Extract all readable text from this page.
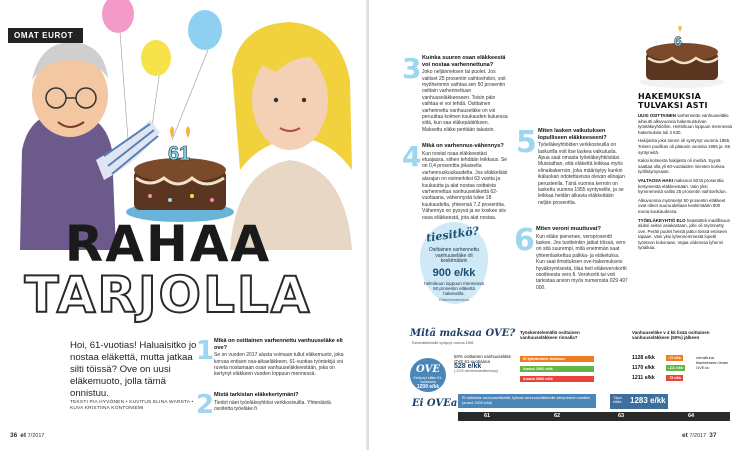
61
OMAT EUROT
RAHAA
TARJOLLA
Hoi, 61-vuotias! Haluaisitko jo nostaa eläkettä, mutta jatkaa silti töissä? Ove on uusi eläkemuoto, jolla tämä onnistuu.
TEKSTI PIA HYVÖNEN • KUVITUS ELINA WARSTA •
KUVA KRISTIINA KONTONIEMI
1 Mikä on osittainen varhennettu vanhuuseläke eli ove?
Se on vuoden 2017 alusta voimaan tullut eläkemuoto, joka korvaa entisen osa-aikaeläkkeen. 61-vuotias työntekijä voi ruveta nostamaan osan vanhuuseläkkeestään, joka on kertynyt eläkkeen vuoden loppuun mennessä.
2 Mistä tarkistan eläkekertymäni?
Tiedot näet työeläkeyhtiösi verkkosivuilta. Yhtenäistä osoitetta työeläke.fi
36 et 7/2017
3 Kuinka suuren osan eläkkeestä voi nostaa varhennettuna?
Joko neljänneksen tai puolet. Jos valitset 25 prosentin vaihtoehdon, voit myöhemmin vaihtaa sen 50 prosentin osittain varhennettuun vanhuuseläkkeeseen. Toisin päin vaihtaa ei voi tehdä. Osittainen varhennettu vanhuuseläke on voi peruuttaa kolmen kuukauden kuluessa siitä, kun saa eläkepäätöksen. Maksettu eläke peritään takaisin.
4 Mikä on varhennus-vähennys?
Kun nostat osaa eläkkeestäsi etuajassa, siihen tehdään leikkaus. Se on 0,4 prosenttia jokaiselta varhennuskuukaudelta. Jos eläkkeläisi alarajan on esimerkiksi 63 vuotta ja kuukautta ja alat nostaa osittaista varhennettua vanhuuseläkettä 62-vuotiaana, vähennystä tulee 18 kuukaudelta, yhteensä 7,2 prosenttia. Vähennys on pysyvä ja se koskee siis osaa eläkkeestä, jota alat nostaa.
5 Miten lasken vaikutuksen lopulliseen eläkkeeseeni?
Työeläkeyhtiöiden verkkosivuilla on laskurilla voit itse laskea vaikutusta. Apua saat omasta työeläkeyhtiöstäsi. Muistathan, että eläkettä leikkaa myös elinaikakerroin, joka määräytyy kunkin ikäluokan odotettavissa olevan elinajan perusteella. Tänä vuonna kerroin on laskettu vuonna 1955 syntyneille, ja se leikkaa heidän alkavia eläkkeitään neljän prosenttia.
6 Miten veroni muuttuvat?
Kun eläke pienenee, veroprosentti laskee. Jos tuotteinkin jatkat töissä, vero on sitä suurempi, mitä enemmän saat yhteenlaskettua palkka- ja eläketuloa. Kun saat ilmoituksen ove-hakemuksesi hyväksymisestä, tilaa heti eläkeverokortti osoitteesta vero.fi. Verokortti tai voit tarkistaa arvion myös numerosta 029 497 000.
tiesitkö?
Osittainen varhennettu vanhuuseläke oli keskimäärin
900 e/kk
helmikuun loppuun mennessä 50 prosentin eläkettä hakeneilla.
Eläketurvakeskus
6
HAKEMUKSIA TULVAKSI ASTI

UUSI OSITTAINEN varhennettu vanhuuseläke aiheutti alkuvuonna hakemustulvan työeläkeyhtiöihin. Helmikuun loppuun mennessä hakemuksia tuli 3 630.

Hakijoista joka toinen oli syntynyt vuonna 1955. Toinen puolikas oli pääosin vuosina 1956 ja -56 syntyneitä.

Kaksi kolmesta hakijasta oli miehiä. Syynä saattaa olla yli 60-vuotiaiden miesten korkea työllistymysaste.

VALTAOSA HAKI maksuun 50:tä prosenttia kertyneestä eläkkeestään. Vain yksi kymmenestä valitsi 25 prosentin vaihtoehdon.

Alkuvuonna myönnetyt 50 prosentin eläkkeet ovat olleet suuruudeltaan keskimäärin 900 euroa kuukaudessa.

TYÖELÄKEYHTIÖ ELO haastatteli madillisuun aluksi seitse asiakastaan, jolle oli myönnetty ove. Peräti puolet heistä jatkoi töissä entiseen tapaan. Vain yksi lyhennemmestä lopetti työnteon kokonaan. Vajaa viidesosa lyhensi työaikaa.

Mitä maksaa OVE?
Esimerkkihenkilö syntynyt vuonna 1956
Työskentelemällä osittainen vanhuuseläkkeen rinnalla?
Vanhuuseläke v 4 kk lisää osittainen vanhuuseläkkeen (50%) jälkeen
OVE
Kertynyt eläke 61-vuotiaana
1200 e/kk
50% osittainen vanhuuseläke OVE 61-vuotiaana
528 e/kk
(-12% varhennusvähennys)
Ei työskentele lainkaan
Ansiot 1000 e/kk
Ansiot 2000 e/kk
1128 e/kk
1170 e/kk
1211 e/kk
-72 e/kk
-111 e/kk
-75 e/kk
verrattuna tilanteeseen ilman OVE:ia
Ei OVEa	Ei osittaista vanhuuseläkettä, työssä vanhuuseläkkeelle siirtymiseen saakka (ansiot 2000 e/kk)
Täysi eläke	1283 e/kk
61	62	63	64
et 7/2017 37
